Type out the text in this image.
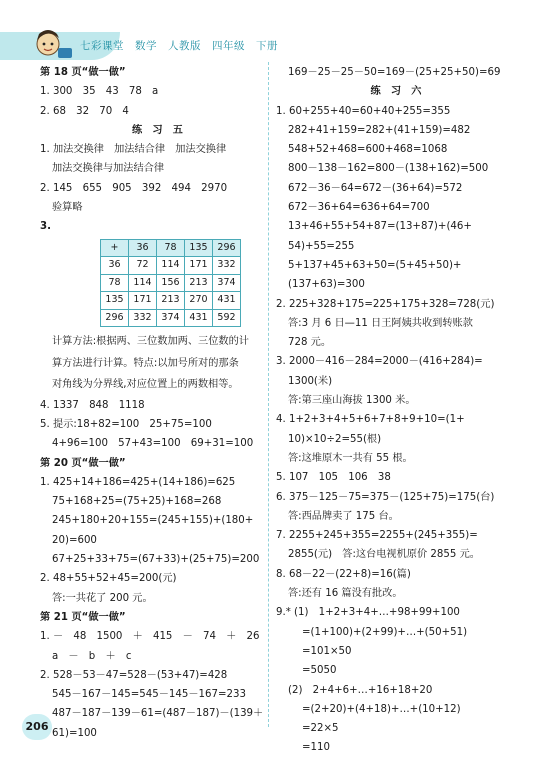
七彩课堂　数学　人教版　四年级　下册
第 18 页“做一做”
1. 300　35　43　78　a
2. 68　32　70　4
练　习　五
1. 加法交换律　加法结合律　加法交换律
加法交换律与加法结合律
2. 145　655　905　392　494　2970
验算略
3.
+	36	78	135	296
36	72	114	171	332
78	114	156	213	374
135	171	213	270	431
296	332	374	431	592
计算方法:根据两、三位数加两、三位数的计
算方法进行计算。特点:以加号所对的那条
对角线为分界线,对应位置上的两数相等。
4. 1337　848　1118
5. 提示:18+82=100　25+75=100
4+96=100　57+43=100　69+31=100
第 20 页“做一做”
1. 425+14+186=425+(14+186)=625
75+168+25=(75+25)+168=268
245+180+20+155=(245+155)+(180+
20)=600
67+25+33+75=(67+33)+(25+75)=200
2. 48+55+52+45=200(元)
答:一共花了 200 元。
第 21 页“做一做”
1. －　48　1500　＋　415　－　74　＋　26
a　－　b　＋　c
2. 528－53－47=528－(53+47)=428
545－167－145=545－145－167=233
487－187－139－61=(487－187)－(139＋
61)=100
169－25－25－50=169－(25+25+50)=69
练　习　六
1. 60+255+40=60+40+255=355
282+41+159=282+(41+159)=482
548+52+468=600+468=1068
800－138－162=800－(138+162)=500
672－36－64=672－(36+64)=572
672－36+64=636+64=700
13+46+55+54+87=(13+87)+(46+
54)+55=255
5+137+45+63+50=(5+45+50)+
(137+63)=300
2. 225+328+175=225+175+328=728(元)
答:3 月 6 日—11 日王阿姨共收到转账款
728 元。
3. 2000－416－284=2000－(416+284)=
1300(米)
答:第三座山海拔 1300 米。
4. 1+2+3+4+5+6+7+8+9+10=(1+
10)×10÷2=55(根)
答:这堆原木一共有 55 根。
5. 107　105　106　38
6. 375－125－75=375－(125+75)=175(台)
答:西品牌卖了 175 台。
7. 2255+245+355=2255+(245+355)=
2855(元)　答:这台电视机原价 2855 元。
8. 68－22－(22+8)=16(篇)
答:还有 16 篇没有批改。
9.* (1)　1+2+3+4+…+98+99+100
=(1+100)+(2+99)+…+(50+51)
=101×50
=5050
(2)　2+4+6+…+16+18+20
=(2+20)+(4+18)+…+(10+12)
=22×5
=110
206
